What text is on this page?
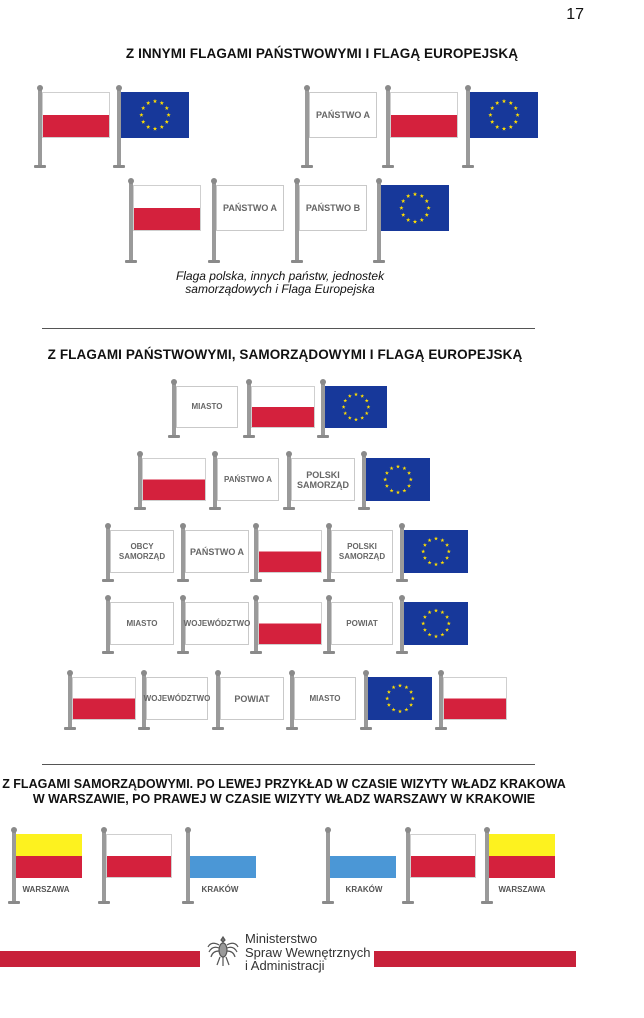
17
Z INNYMI FLAGAMI PAŃSTWOWYMI I FLAGĄ EUROPEJSKĄ
PAŃSTWO A
PAŃSTWO A	PAŃSTWO B
Flaga polska, innych państw, jednostek
samorządowych i Flaga Europejska
Z FLAGAMI PAŃSTWOWYMI, SAMORZĄDOWYMI I FLAGĄ EUROPEJSKĄ
MIASTO
PAŃSTWO A	POLSKI SAMORZĄD
OBCY SAMORZĄD	PAŃSTWO A
POLSKI SAMORZĄD
MIASTO	WOJEWÓDZTWO	POWIAT
WOJEWÓDZTWO	POWIAT	MIASTO
Z FLAGAMI SAMORZĄDOWYMI. PO LEWEJ PRZYKŁAD W CZASIE WIZYTY WŁADZ KRAKOWA
W WARSZAWIE, PO PRAWEJ W CZASIE WIZYTY WŁADZ WARSZAWY W KRAKOWIE
WARSZAWA	KRAKÓW	KRAKÓW	WARSZAWA
Ministerstwo
Spraw Wewnętrznych
i Administracji
